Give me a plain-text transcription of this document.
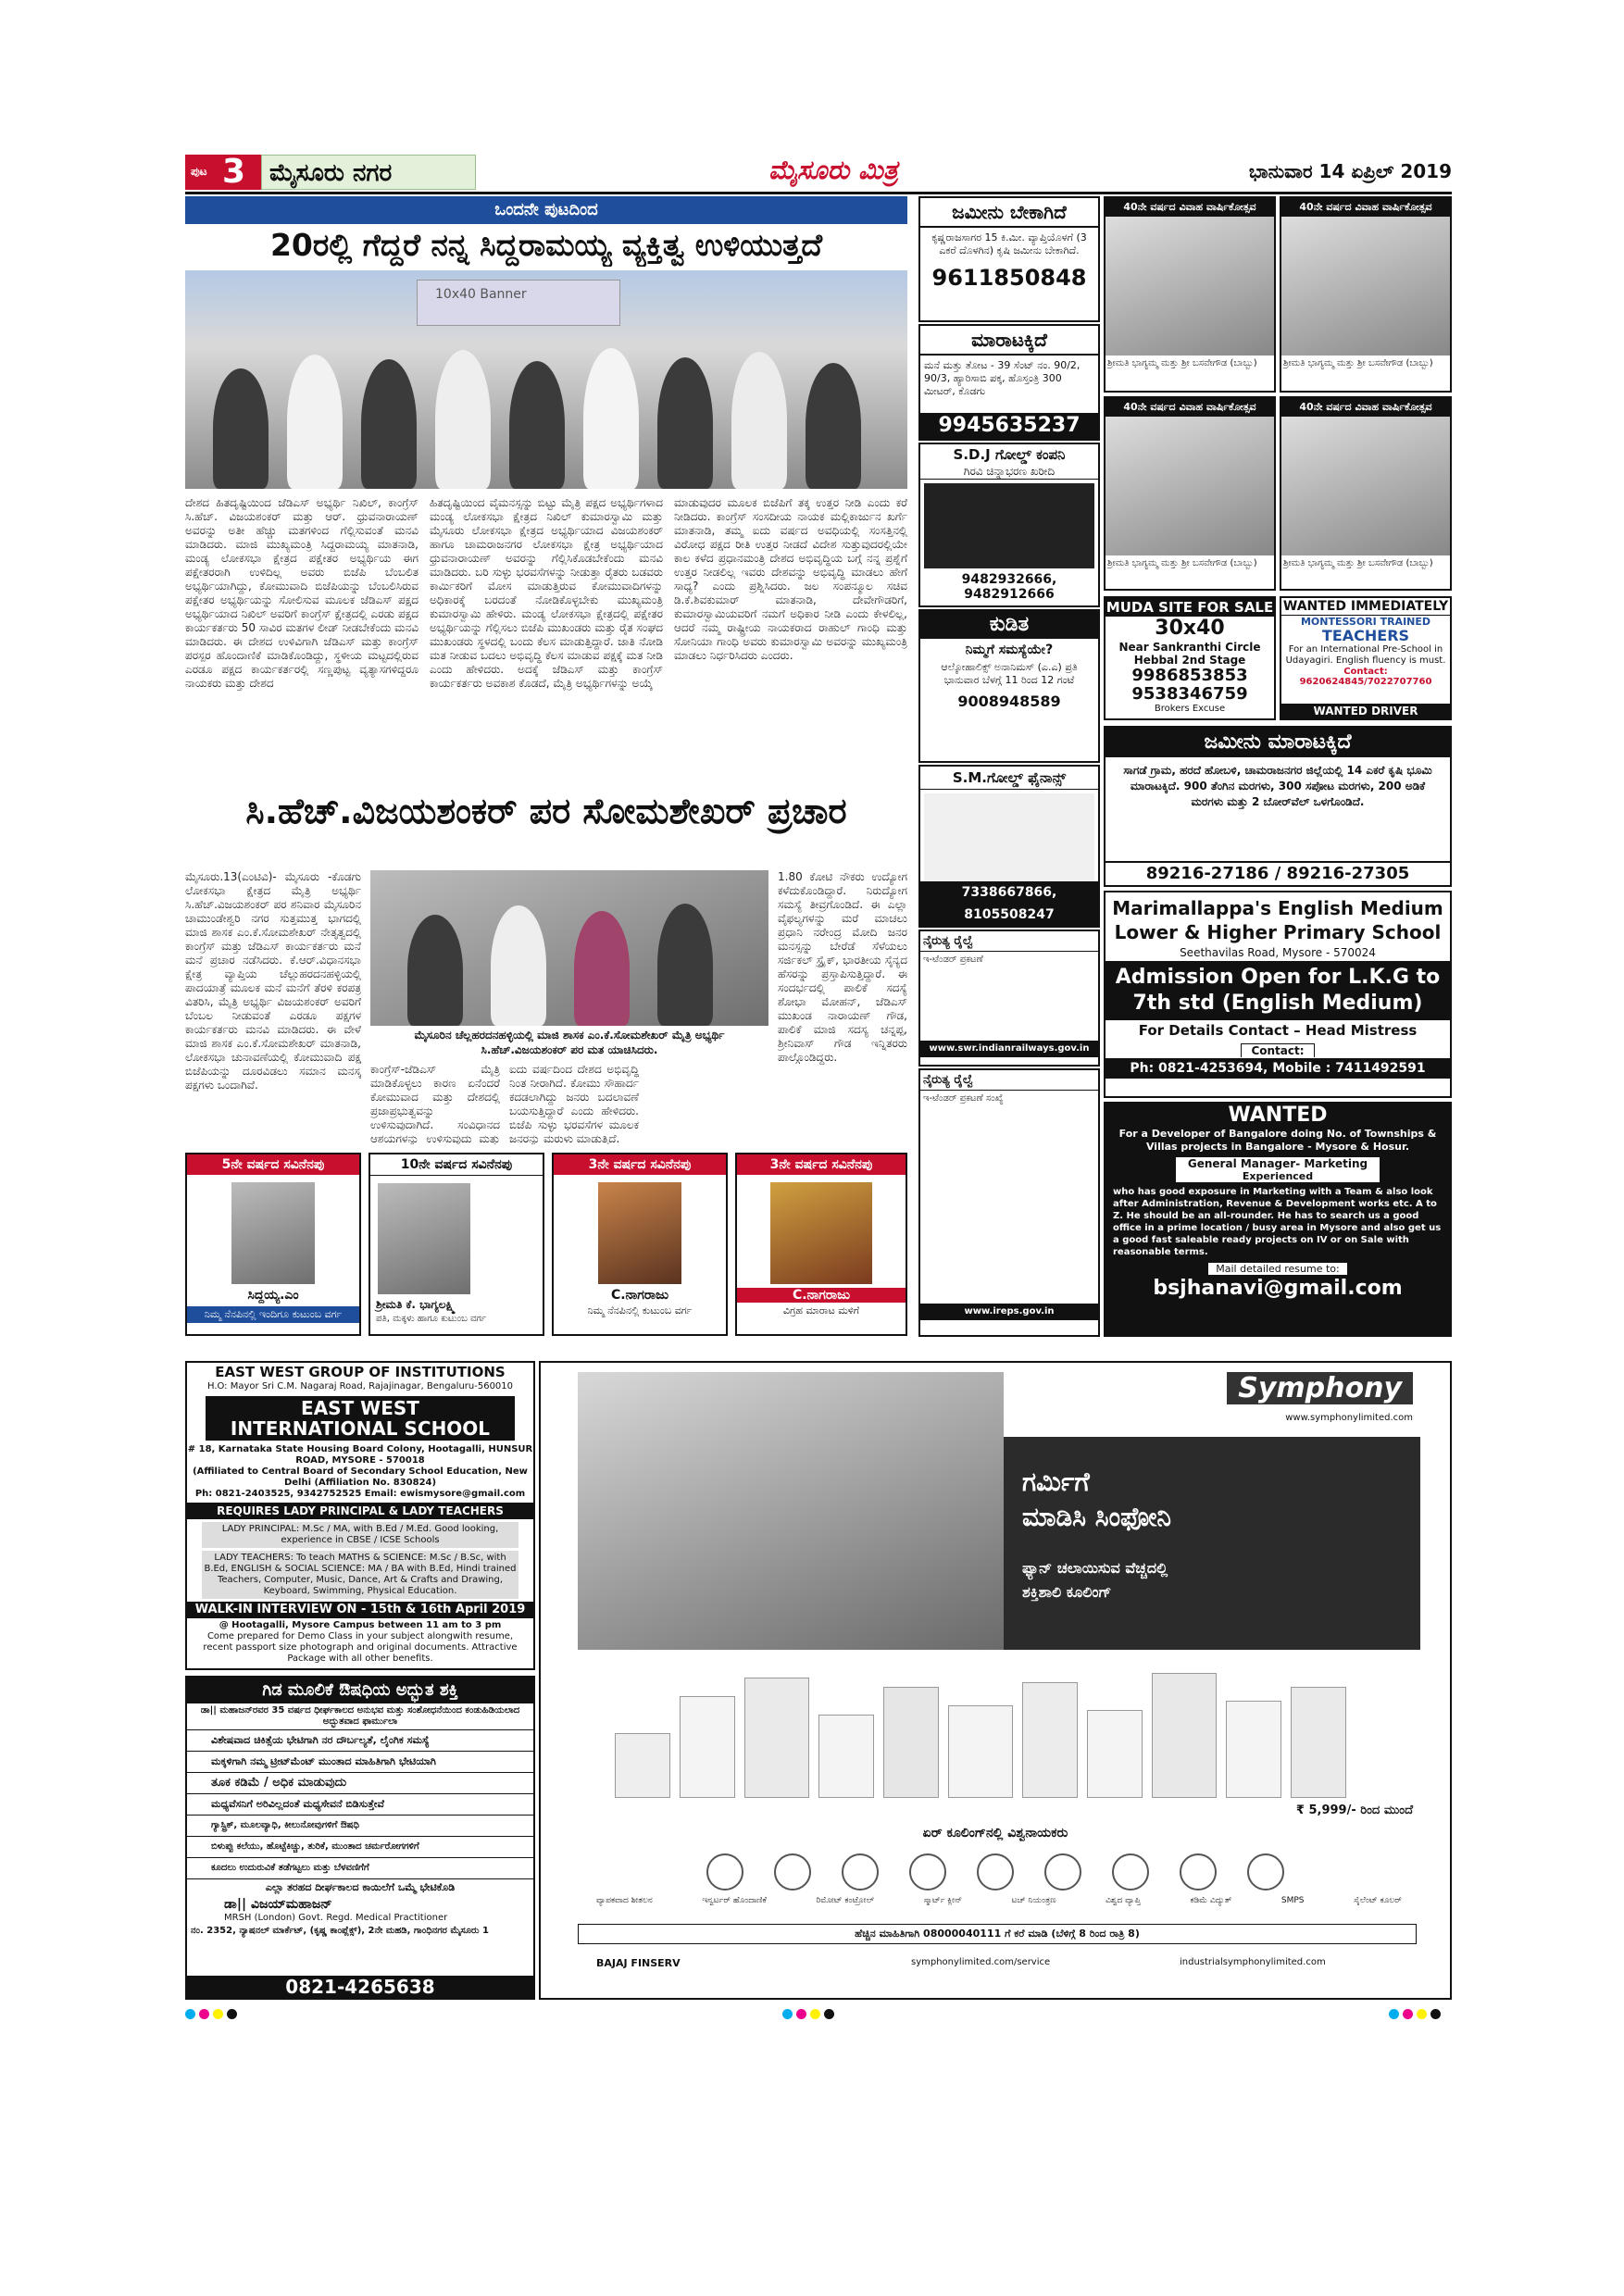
ಪುಟ 3 ಮೈಸೂರು ನಗರ	ಮೈಸೂರು ಮಿತ್ರ	ಭಾನುವಾರ 14 ಏಪ್ರಿಲ್ 2019
ಒಂದನೇ ಪುಟದಿಂದ
20ರಲ್ಲಿ ಗೆದ್ದರೆ ನನ್ನ ಸಿದ್ದರಾಮಯ್ಯ ವ್ಯಕ್ತಿತ್ವ ಉಳಿಯುತ್ತದೆ
10x40 Banner
ದೇಶದ ಹಿತದೃಷ್ಟಿಯಿಂದ ಜೆಡಿಎಸ್ ಅಭ್ಯರ್ಥಿ ನಿಖಿಲ್, ಕಾಂಗ್ರೆಸ್ ಸಿ.ಹೆಚ್. ವಿಜಯಶಂಕರ್ ಮತ್ತು ಆರ್. ಧ್ರುವನಾರಾಯಣ್ ಅವರನ್ನು ಅತೀ ಹೆಚ್ಚು ಮತಗಳಿಂದ ಗೆಲ್ಲಿಸುವಂತೆ ಮನವಿ ಮಾಡಿದರು. ಮಾಜಿ ಮುಖ್ಯಮಂತ್ರಿ ಸಿದ್ದರಾಮಯ್ಯ ಮಾತನಾಡಿ, ಮಂಡ್ಯ ಲೋಕಸಭಾ ಕ್ಷೇತ್ರದ ಪಕ್ಷೇತರ ಅಭ್ಯರ್ಥಿಯ ಈಗ ಪಕ್ಷೇತರರಾಗಿ ಉಳಿದಿಲ್ಲ ಅವರು ಬಿಜೆಪಿ ಬೆಂಬಲಿತ ಅಭ್ಯರ್ಥಿಯಾಗಿದ್ದು, ಕೋಮುವಾದಿ ಬಿಜೆಪಿಯನ್ನು ಬೆಂಬಲಿಸಿರುವ ಪಕ್ಷೇತರ ಅಭ್ಯರ್ಥಿಯನ್ನು ಸೋಲಿಸುವ ಮೂಲಕ ಜೆಡಿಎಸ್ ಪಕ್ಷದ ಅಭ್ಯರ್ಥಿಯಾದ ನಿಖಿಲ್ ಅವರಿಗೆ ಕಾಂಗ್ರೆಸ್ ಕ್ಷೇತ್ರದಲ್ಲಿ ಎರಡು ಪಕ್ಷದ ಕಾರ್ಯಕರ್ತರು 50 ಸಾವಿರ ಮತಗಳ ಲೀಡ್ ನೀಡಬೇಕೆಂದು ಮನವಿ ಮಾಡಿದರು. ಈ ದೇಶದ ಉಳಿವಿಗಾಗಿ ಜೆಡಿಎಸ್ ಮತ್ತು ಕಾಂಗ್ರೆಸ್ ಪರಸ್ಪರ ಹೊಂದಾಣಿಕೆ ಮಾಡಿಕೊಂಡಿದ್ದು, ಸ್ಥಳೀಯ ಮಟ್ಟದಲ್ಲಿರುವ ಎರಡೂ ಪಕ್ಷದ ಕಾರ್ಯಕರ್ತರಲ್ಲಿ ಸಣ್ಣಪುಟ್ಟ ವ್ಯತ್ಯಾಸಗಳಿದ್ದರೂ ನಾಯಕರು ಮತ್ತು ದೇಶದ
ಹಿತದೃಷ್ಟಿಯಿಂದ ವೈಮನಸ್ಸನ್ನು ಬಿಟ್ಟು ಮೈತ್ರಿ ಪಕ್ಷದ ಅಭ್ಯರ್ಥಿಗಳಾದ ಮಂಡ್ಯ ಲೋಕಸಭಾ ಕ್ಷೇತ್ರದ ನಿಖಿಲ್ ಕುಮಾರಸ್ವಾಮಿ ಮತ್ತು ಮೈಸೂರು ಲೋಕಸಭಾ ಕ್ಷೇತ್ರದ ಅಭ್ಯರ್ಥಿಯಾದ ವಿಜಯಶಂಕರ್ ಹಾಗೂ ಚಾಮರಾಜನಗರ ಲೋಕಸಭಾ ಕ್ಷೇತ್ರ ಅಭ್ಯರ್ಥಿಯಾದ ಧ್ರುವನಾರಾಯಣ್ ಅವರನ್ನು ಗೆಲ್ಲಿಸಿಕೊಡಬೇಕೆಂದು ಮನವಿ ಮಾಡಿದರು. ಬರಿ ಸುಳ್ಳು ಭರವಸೆಗಳನ್ನು ನೀಡುತ್ತಾ ರೈತರು ಬಡವರು ಕಾರ್ಮಿಕರಿಗೆ ಮೋಸ ಮಾಡುತ್ತಿರುವ ಕೋಮುವಾದಿಗಳನ್ನು ಅಧಿಕಾರಕ್ಕೆ ಬರದಂತೆ ನೋಡಿಕೊಳ್ಳಬೇಕು ಮುಖ್ಯಮಂತ್ರಿ ಕುಮಾರಸ್ವಾಮಿ ಹೇಳಿರು. ಮಂಡ್ಯ ಲೋಕಸಭಾ ಕ್ಷೇತ್ರದಲ್ಲಿ ಪಕ್ಷೇತರ ಅಭ್ಯರ್ಥಿಯನ್ನು ಗೆಲ್ಲಿಸಲು ಬಿಜೆಪಿ ಮುಖಂಡರು ಮತ್ತು ರೈತ ಸಂಘದ ಮುಖಂಡರು ಸ್ಥಳದಲ್ಲಿ ಬಂದು ಕೆಲಸ ಮಾಡುತ್ತಿದ್ದಾರೆ. ಜಾತಿ ನೋಡಿ ಮತ ನೀಡುವ ಬದಲು ಅಭಿವೃದ್ಧಿ ಕೆಲಸ ಮಾಡುವ ಪಕ್ಷಕ್ಕೆ ಮತ ನೀಡಿ ಎಂದು ಹೇಳಿದರು. ಅದಕ್ಕೆ ಜೆಡಿಎಸ್ ಮತ್ತು ಕಾಂಗ್ರೆಸ್ ಕಾರ್ಯಕರ್ತರು ಅವಕಾಶ ಕೊಡದೆ, ಮೈತ್ರಿ ಅಭ್ಯರ್ಥಿಗಳನ್ನು ಅಯ್ಕೆ
ಮಾಡುವುದರ ಮೂಲಕ ಬಿಜೆಪಿಗೆ ತಕ್ಕ ಉತ್ತರ ನೀಡಿ ಎಂದು ಕರೆ ನೀಡಿದರು. ಕಾಂಗ್ರೆಸ್ ಸಂಸದೀಯ ನಾಯಕ ಮಲ್ಲಿಕಾರ್ಜುನ ಖರ್ಗೆ ಮಾತನಾಡಿ, ತಮ್ಮ ಐದು ವರ್ಷದ ಅವಧಿಯಲ್ಲಿ ಸಂಸತ್ತಿನಲ್ಲಿ ವಿರೋಧ ಪಕ್ಷದ ರೀತಿ ಉತ್ತರ ನೀಡದೆ ವಿದೇಶ ಸುತ್ತುವುದರಲ್ಲಿಯೇ ಕಾಲ ಕಳೆದ ಪ್ರಧಾನಮಂತ್ರಿ ದೇಶದ ಅಭಿವೃದ್ಧಿಯ ಬಗ್ಗೆ ನನ್ನ ಪ್ರಶ್ನೆಗೆ ಉತ್ತರ ನೀಡಲಿಲ್ಲ ಇವರು ದೇಶವನ್ನು ಅಭಿವೃದ್ಧಿ ಮಾಡಲು ಹೇಗೆ ಸಾಧ್ಯ? ಎಂದು ಪ್ರಶ್ನಿಸಿದರು. ಜಲ ಸಂಪನ್ಮೂಲ ಸಚಿವ ಡಿ.ಕೆ.ಶಿವಕುಮಾರ್ ಮಾತನಾಡಿ, ದೇವೇಗೌಡರಿಗೆ, ಕುಮಾರಸ್ವಾಮಿಯವರಿಗೆ ನಮಗೆ ಅಧಿಕಾರ ನೀಡಿ ಎಂದು ಕೇಳಲಿಲ್ಲ, ಆದರೆ ನಮ್ಮ ರಾಷ್ಟ್ರೀಯ ನಾಯಕರಾದ ರಾಹುಲ್ ಗಾಂಧಿ ಮತ್ತು ಸೋನಿಯಾ ಗಾಂಧಿ ಅವರು ಕುಮಾರಸ್ವಾಮಿ ಅವರನ್ನು ಮುಖ್ಯಮಂತ್ರಿ ಮಾಡಲು ನಿರ್ಧರಿಸಿದರು ಎಂದರು.
ಸಿ.ಹೆಚ್.ವಿಜಯಶಂಕರ್ ಪರ ಸೋಮಶೇಖರ್ ಪ್ರಚಾರ
ಮೈಸೂರು.13(ಎಂಟಿವಿ)- ಮೈಸೂರು -ಕೊಡಗು ಲೋಕಸಭಾ ಕ್ಷೇತ್ರದ ಮೈತ್ರಿ ಅಭ್ಯರ್ಥಿ ಸಿ.ಹೆಚ್.ವಿಜಯಶಂಕರ್ ಪರ ಶನಿವಾರ ಮೈಸೂರಿನ ಚಾಮುಂಡೇಶ್ವರಿ ನಗರ ಸುತ್ತಮುತ್ತ ಭಾಗದಲ್ಲಿ ಮಾಜಿ ಶಾಸಕ ಎಂ.ಕೆ.ಸೋಮಶೇಖರ್ ನೇತೃತ್ವದಲ್ಲಿ ಕಾಂಗ್ರೆಸ್ ಮತ್ತು ಜೆಡಿಎಸ್ ಕಾರ್ಯಕರ್ತರು ಮನೆ ಮನೆ ಪ್ರಚಾರ ನಡೆಸಿದರು. ಕೆ.ಆರ್.ವಿಧಾನಸಭಾ ಕ್ಷೇತ್ರ ವ್ಯಾಪ್ತಿಯ ಚೆಲ್ಲುಹರದನಹಳ್ಳಿಯಲ್ಲಿ ಪಾದಯಾತ್ರೆ ಮೂಲಕ ಮನೆ ಮನೆಗೆ ತೆರಳಿ ಕರಪತ್ರ ವಿತರಿಸಿ, ಮೈತ್ರಿ ಅಭ್ಯರ್ಥಿ ವಿಜಯಶಂಕರ್ ಅವರಿಗೆ ಬೆಂಬಲ ನೀಡುವಂತೆ ಎರಡೂ ಪಕ್ಷಗಳ ಕಾರ್ಯಕರ್ತರು ಮನವಿ ಮಾಡಿದರು. ಈ ವೇಳೆ ಮಾಜಿ ಶಾಸಕ ಎಂ.ಕೆ.ಸೋಮಶೇಖರ್ ಮಾತನಾಡಿ, ಲೋಕಸಭಾ ಚುನಾವಣೆಯಲ್ಲಿ ಕೋಮುವಾದಿ ಪಕ್ಷ ಬಿಜೆಪಿಯನ್ನು ದೂರವಿಡಲು ಸಮಾನ ಮನಸ್ಕ ಪಕ್ಷಗಳು ಒಂದಾಗಿವೆ.
ಮೈಸೂರಿನ ಚೆಲ್ಲಹರದನಹಳ್ಳಿಯಲ್ಲಿ ಮಾಜಿ ಶಾಸಕ ಎಂ.ಕೆ.ಸೋಮಶೇಖರ್ ಮೈತ್ರಿ ಅಭ್ಯರ್ಥಿ ಸಿ.ಹೆಚ್.ವಿಜಯಶಂಕರ್ ಪರ ಮತ ಯಾಚಿಸಿದರು.
ಕಾಂಗ್ರೆಸ್-ಜೆಡಿಎಸ್ ಮೈತ್ರಿ ಮಾಡಿಕೊಳ್ಳಲು ಕಾರಣ ಏನೆಂದರೆ ಕೋಮುವಾದ ಮತ್ತು ದೇಶದಲ್ಲಿ ಪ್ರಜಾಪ್ರಭುತ್ವವನ್ನು ಉಳಿಸುವುದಾಗಿದೆ. ಸಂವಿಧಾನದ ಆಶಯಗಳನ್ನು ಉಳಿಸುವುದು ಮತ್ತು
ಐದು ವರ್ಷದಿಂದ ದೇಶದ ಅಭಿವೃದ್ಧಿ ನಿಂತ ನೀರಾಗಿದೆ. ಕೋಮು ಸೌಹಾರ್ದ ಕದಡಲಾಗಿದ್ದು ಜನರು ಬದಲಾವಣೆ ಬಯಸುತ್ತಿದ್ದಾರೆ ಎಂದು ಹೇಳಿದರು. ಬಿಜೆಪಿ ಸುಳ್ಳು ಭರವಸೆಗಳ ಮೂಲಕ ಜನರನ್ನು ಮರುಳು ಮಾಡುತ್ತಿದೆ.
1.80 ಕೋಟಿ ನೌಕರು ಉದ್ಯೋಗ ಕಳೆದುಕೊಂಡಿದ್ದಾರೆ. ನಿರುದ್ಯೋಗ ಸಮಸ್ಯೆ ತೀವ್ರಗೊಂಡಿದೆ. ಈ ಎಲ್ಲಾ ವೈಫಲ್ಯಗಳನ್ನು ಮರೆ ಮಾಚಲು ಪ್ರಧಾನಿ ನರೇಂದ್ರ ಮೋದಿ ಜನರ ಮನಸ್ಸನ್ನು ಬೇರೆಡೆ ಸೆಳೆಯಲು ಸರ್ಜಿಕಲ್ ಸ್ಟ್ರೈಕ್, ಭಾರತೀಯ ಸೈನ್ಯದ ಹೆಸರನ್ನು ಪ್ರಸ್ತಾಪಿಸುತ್ತಿದ್ದಾರೆ. ಈ ಸಂದರ್ಭದಲ್ಲಿ ಪಾಲಿಕೆ ಸದಸ್ಯೆ ಶೋಭಾ ಮೋಹನ್, ಜೆಡಿಎಸ್ ಮುಖಂಡ ನಾರಾಯಣ್ ಗೌಡ, ಪಾಲಿಕೆ ಮಾಜಿ ಸದಸ್ಯ ಚನ್ನಪ್ಪ, ಶ್ರೀನಿವಾಸ್ ಗೌಡ ಇನ್ನಿತರರು ಪಾಲ್ಗೊಂಡಿದ್ದರು.
5ನೇ ವರ್ಷದ ಸವಿನೆನಪು
ಸಿದ್ದಯ್ಯ.ಎಂ
ನಿಮ್ಮ ನೆನಪಿನಲ್ಲಿ ಇಂದಿಗೂ ಕುಟುಂಬ ವರ್ಗ
10ನೇ ವರ್ಷದ ಸವಿನೆನಪು
ಶ್ರೀಮತಿ ಕೆ. ಭಾಗ್ಯಲಕ್ಷ್ಮಿ
ಪತಿ, ಮಕ್ಕಳು ಹಾಗೂ ಕುಟುಂಬ ವರ್ಗ
3ನೇ ವರ್ಷದ ಸವಿನೆನಪು
C.ನಾಗರಾಜು
ನಿಮ್ಮ ನೆನಪಿನಲ್ಲಿ ಕುಟುಂಬ ವರ್ಗ
3ನೇ ವರ್ಷದ ಸವಿನೆನಪು
C.ನಾಗರಾಜು
ವಿಗ್ರಹ ಮಾರಾಟ ಮಳಿಗೆ
ಜಮೀನು ಬೇಕಾಗಿದೆ
ಕೃಷ್ಣರಾಜಸಾಗರ 15 ಕಿ.ಮೀ. ವ್ಯಾಪ್ತಿಯೊಳಗೆ (3 ಎಕರೆ ದೊಳಗಿನ) ಕೃಷಿ ಜಮೀನು ಬೇಕಾಗಿದೆ.
9611850848
ಮಾರಾಟಕ್ಕಿದೆ
ಮನೆ ಮತ್ತು ತೋಟ - 39 ಸೆಂಟ್ ನಂ. 90/2, 90/3, ಹ್ಯಾರಿಸಾಬಿ ಪಕ್ಕ, ಹೊಸ್ತಂತ್ರಿ 300 ಮೀಟರ್, ಕೊಡಗು
9945635237
S.D.J ಗೋಲ್ಡ್ ಕಂಪನಿ
ಗಿರವಿ ಚಿನ್ನಾಭರಣ ಖರೀದಿ
9482932666, 9482912666
ಕುಡಿತ
ನಿಮ್ಮಗೆ ಸಮಸ್ಯೆಯೇ?
ಆಲ್ಕೋಹಾಲಿಕ್ಸ್ ಅನಾನಿಮಸ್ (ಎ.ಎ) ಪ್ರತಿ ಭಾನುವಾರ ಬೆಳಗ್ಗೆ 11 ರಿಂದ 12 ಗಂಟೆ
9008948589
S.M.ಗೋಲ್ಡ್ ಫೈನಾನ್ಸ್
7338667866, 8105508247
ನೈರುತ್ಯ ರೈಲ್ವೆ
ಇ-ಟೆಂಡರ್ ಪ್ರಕಟಣೆ
www.swr.indianrailways.gov.in
ನೈರುತ್ಯ ರೈಲ್ವೆ
ಇ-ಟೆಂಡರ್ ಪ್ರಕಟಣೆ ಸಂಖ್ಯೆ
www.ireps.gov.in
40ನೇ ವರ್ಷದ ವಿವಾಹ ವಾರ್ಷಿಕೋತ್ಸವ
ಶ್ರೀಮತಿ ಭಾಗ್ಯಮ್ಮ ಮತ್ತು ಶ್ರೀ ಬಸವೇಗೌಡ (ಬಾಬ್ಬು)
40ನೇ ವರ್ಷದ ವಿವಾಹ ವಾರ್ಷಿಕೋತ್ಸವ
ಶ್ರೀಮತಿ ಭಾಗ್ಯಮ್ಮ ಮತ್ತು ಶ್ರೀ ಬಸವೇಗೌಡ (ಬಾಬ್ಬು)
40ನೇ ವರ್ಷದ ವಿವಾಹ ವಾರ್ಷಿಕೋತ್ಸವ
ಶ್ರೀಮತಿ ಭಾಗ್ಯಮ್ಮ ಮತ್ತು ಶ್ರೀ ಬಸವೇಗೌಡ (ಬಾಬ್ಬು)
40ನೇ ವರ್ಷದ ವಿವಾಹ ವಾರ್ಷಿಕೋತ್ಸವ
ಶ್ರೀಮತಿ ಭಾಗ್ಯಮ್ಮ ಮತ್ತು ಶ್ರೀ ಬಸವೇಗೌಡ (ಬಾಬ್ಬು)
MUDA SITE FOR SALE
30x40
Near Sankranthi Circle
Hebbal 2nd Stage
9986853853
9538346759
Brokers Excuse
WANTED IMMEDIATELY
MONTESSORI TRAINED
TEACHERS
For an International Pre-School in Udayagiri. English fluency is must.
Contact: 9620624845/7022707760
WANTED DRIVER
ಜಮೀನು ಮಾರಾಟಕ್ಕಿದೆ
ಸಾಗಡೆ ಗ್ರಾಮ, ಹರದೆ ಹೋಬಳಿ, ಚಾಮರಾಜನಗರ ಜಿಲ್ಲೆಯಲ್ಲಿ 14 ಎಕರೆ ಕೃಷಿ ಭೂಮಿ ಮಾರಾಟಕ್ಕಿದೆ. 900 ತೆಂಗಿನ ಮರಗಳು, 300 ಸಪೋಟ ಮರಗಳು, 200 ಅಡಿಕೆ ಮರಗಳು ಮತ್ತು 2 ಬೋರ್‌ವೆಲ್ ಒಳಗೊಂಡಿದೆ.
89216-27186 / 89216-27305
Marimallappa's English Medium
Lower & Higher Primary School
Seethavilas Road, Mysore - 570024
Admission Open for L.K.G to
7th std (English Medium)
For Details Contact – Head Mistress
Contact:
Ph: 0821-4253694, Mobile : 7411492591
WANTED
For a Developer of Bangalore doing No. of Townships & Villas projects in Bangalore - Mysore & Hosur.
General Manager- Marketing
Experienced
who has good exposure in Marketing with a Team & also look after Administration, Revenue & Development works etc. A to Z. He should be an all-rounder. He has to search us a good office in a prime location / busy area in Mysore and also get us a good fast saleable ready projects on IV or on Sale with reasonable terms.
Mail detailed resume to:
bsjhanavi@gmail.com
EAST WEST GROUP OF INSTITUTIONS
H.O: Mayor Sri C.M. Nagaraj Road, Rajajinagar, Bengaluru-560010
EAST WEST
INTERNATIONAL SCHOOL
# 18, Karnataka State Housing Board Colony, Hootagalli, HUNSUR ROAD, MYSORE - 570018
(Affiliated to Central Board of Secondary School Education, New Delhi (Affiliation No. 830824)
Ph: 0821-2403525, 9342752525 Email: ewismysore@gmail.com
REQUIRES LADY PRINCIPAL & LADY TEACHERS
LADY PRINCIPAL: M.Sc / MA, with B.Ed / M.Ed. Good looking, experience in CBSE / ICSE Schools
LADY TEACHERS: To teach MATHS & SCIENCE: M.Sc / B.Sc, with B.Ed, ENGLISH & SOCIAL SCIENCE: MA / BA with B.Ed, Hindi trained Teachers, Computer, Music, Dance, Art & Crafts and Drawing, Keyboard, Swimming, Physical Education.
WALK-IN INTERVIEW ON - 15th & 16th April 2019
@ Hootagalli, Mysore Campus between 11 am to 3 pm
Come prepared for Demo Class in your subject alongwith resume, recent passport size photograph and original documents. Attractive Package with all other benefits.
ಗಿಡ ಮೂಲಿಕೆ ಔಷಧಿಯ ಅದ್ಭುತ ಶಕ್ತಿ
ಡಾ|| ಮಹಾಜನ್‌ರವರ 35 ವರ್ಷದ ಧೀರ್ಘಕಾಲದ ಅನುಭವ ಮತ್ತು ಸಂಶೋಧನೆಯಿಂದ ಕಂಡುಹಿಡಿಯಲಾದ ಅದ್ಭುತವಾದ ಫಾರ್ಮುಲಾ
ವಿಶೇಷವಾದ ಚಿಕಿತ್ಸೆಯ ಭೇಟಿಗಾಗಿ ನರ ದೌರ್ಬಲ್ಯತೆ, ಲೈಂಗಿಕ ಸಮಸ್ಯೆ
ಮಕ್ಕಳಿಗಾಗಿ ನಮ್ಮ ಟ್ರೀಟ್‌ಮೆಂಟ್ ಮುಂತಾದ ಮಾಹಿತಿಗಾಗಿ ಭೇಟಿಯಾಗಿ
ತೂಕ ಕಡಿಮೆ / ಅಧಿಕ ಮಾಡುವುದು
ಮಧ್ಯವೆಸನಿಗೆ ಅರಿವಿಲ್ಲದಂತೆ ಮಧ್ಯಸೇವನೆ ಬಿಡಿಸುತ್ತೇವೆ
ಗ್ಯಾಸ್ಟ್ರಿಕ್, ಮೂಲವ್ಯಾಧಿ, ಕೀಲುನೋವುಗಳಿಗೆ ಔಷಧಿ
ಬಿಳುಪ್ಪು ಕಲೆಯು, ಹೊಟ್ಟೆಕಿಚ್ಚು, ತುರಿಕೆ, ಮುಂತಾದ ಚರ್ಮರೋಗಗಳಿಗೆ
ಕೂದಲು ಉದುರುವಿಕೆ ತಡೆಗಟ್ಟಲು ಮತ್ತು ಬೆಳವಣಿಗೆಗೆ
ಎಲ್ಲಾ ತರಹದ ದೀರ್ಘಕಾಲದ ಕಾಯಿಲೆಗೆ ಒಮ್ಮೆ ಭೇಟಿಕೊಡಿ
ಡಾ|| ವಿಜಯ್‌ಮಹಾಜನ್
MRSH (London) Govt. Regd. Medical Practitioner
ನಂ. 2352, ನ್ಯಾಷನಲ್ ಮಾರ್ಕೆಟ್, (ಕೃಷ್ಣ ಕಾಂಪ್ಲೆಕ್ಸ್), 2ನೇ ಮಹಡಿ, ಗಾಂಧಿನಗರ ಮೈಸೂರು 1
0821-4265638
Symphony
www.symphonylimited.com
ಗರ್ಮಿಗೆ
ಮಾಡಿಸಿ ಸಿಂಫೋನಿ
ಫ್ಯಾನ್ ಚಲಾಯಿಸುವ ವೆಚ್ಚದಲ್ಲಿ
ಶಕ್ತಿಶಾಲಿ ಕೂಲಿಂಗ್
₹ 5,999/- ರಿಂದ ಮುಂದೆ
ಏರ್ ಕೂಲಿಂಗ್‌ನಲ್ಲಿ ವಿಶ್ವನಾಯಕರು

ವ್ಯಾಪಕವಾದ ಶೀತಲನ	ಇನ್ವರ್ಟರ್ ಹೊಂದಾಣಿಕೆ	ರಿಮೋಟ್ ಕಂಟ್ರೋಲ್	ಸ್ಮಾರ್ಟ್ ಕ್ಲೀನ್	ಟಚ್ ನಿಯಂತ್ರಣ	ವಿಶ್ವದ ವ್ಯಾಪ್ತಿ	ಕಡಿಮೆ ವಿದ್ಯುತ್	SMPS	ಸೈಲೆಂಟ್ ಕೂಲರ್
ಹೆಚ್ಚಿನ ಮಾಹಿತಿಗಾಗಿ 08000040111 ಗೆ ಕರೆ ಮಾಡಿ (ಬೆಳಿಗ್ಗೆ 8 ರಿಂದ ರಾತ್ರಿ 8)
BAJAJ FINSERV	symphonylimited.com/service	industrialsymphonylimited.com
